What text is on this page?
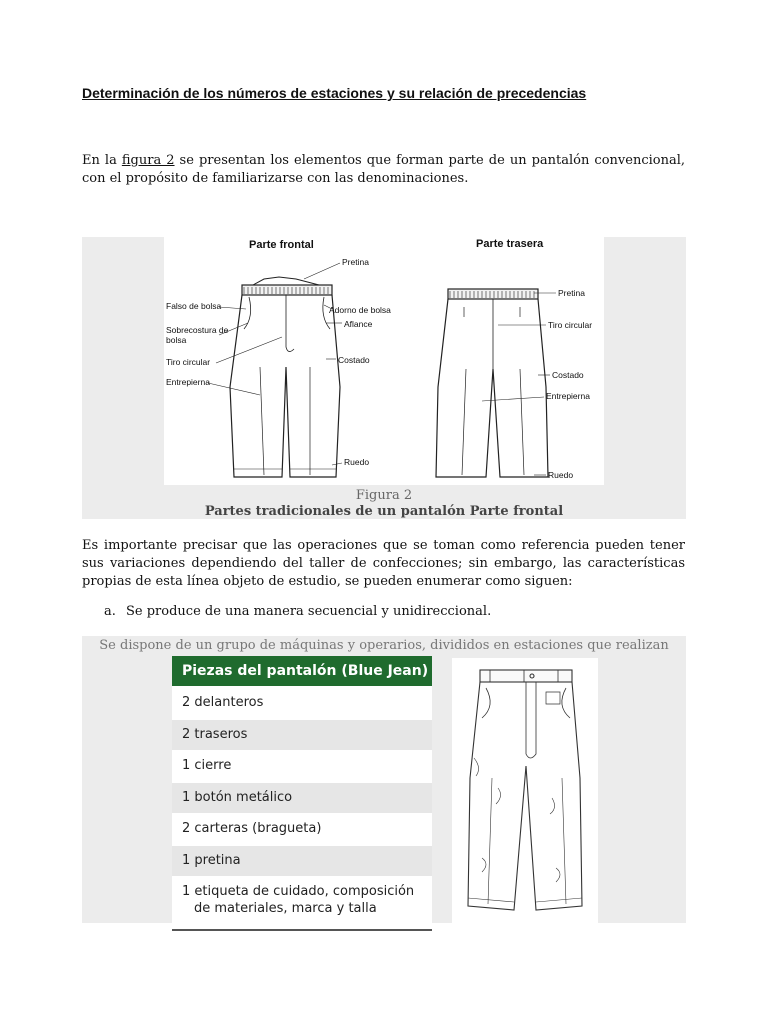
Determinación de los números de estaciones y su relación de precedencias
En la figura 2 se presentan los elementos que forman parte de un pantalón convencional, con el propósito de familiarizarse con las denominaciones.
Parte frontal
Pretina
Falso de bolsa	Adorno de bolsa
Aflance
Sobrecostura de
bolsa
Tiro circular	Costado
Entrepierna
Ruedo
Parte trasera
Pretina
Tiro circular
Costado
Entrepierna
Ruedo
Figura 2
Partes tradicionales de un pantalón Parte frontal
Es importante precisar que las operaciones que se toman como referencia pueden tener sus variaciones dependiendo del taller de confecciones; sin embargo, las características propias de esta línea objeto de estudio, se pueden enumerar como siguen:
a. Se produce de una manera secuencial y unidireccional.
Se dispone de un grupo de máquinas y operarios, divididos en estaciones que realizan
Piezas del pantalón (Blue Jean)
2 delanteros
2 traseros
1 cierre
1 botón metálico
2 carteras (bragueta)
1 pretina
1 etiqueta de cuidado, composición
de materiales, marca y talla
